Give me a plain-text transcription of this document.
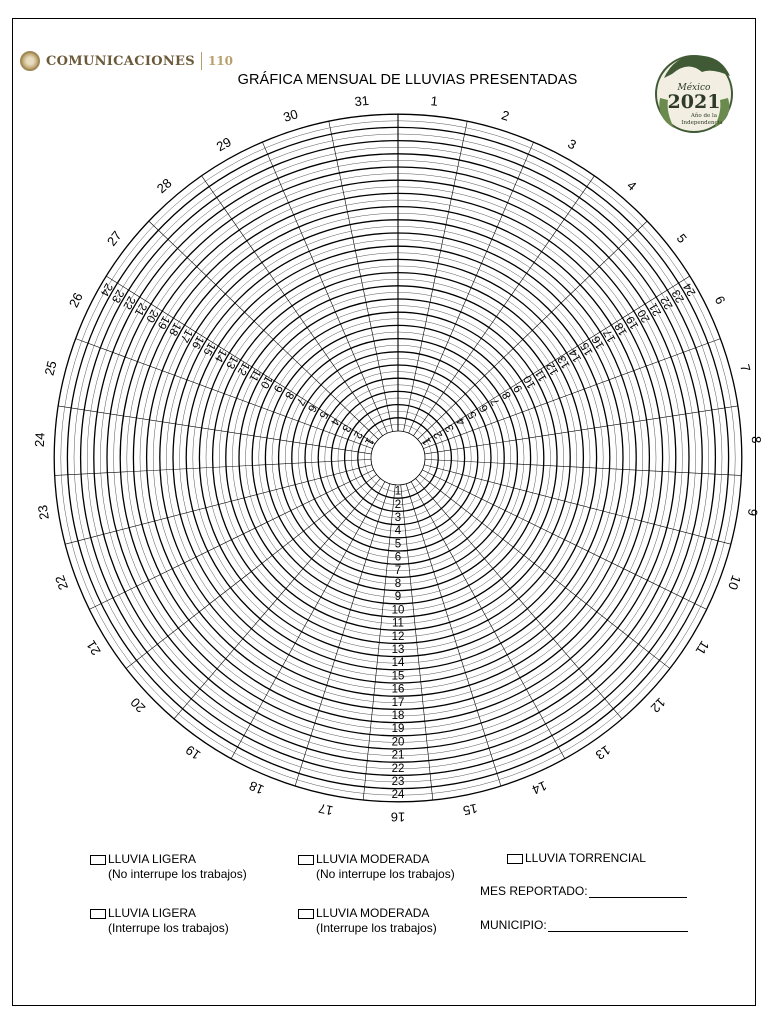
COMUNICACIONES 110
México
2021
Año de la
Independencia
GRÁFICA MENSUAL DE LLUVIAS PRESENTADAS
1
2
3
4
5
6
7
8
9
10
11
12
13
14
15
16
17
18
19
20
21
22
23
24
25
26
27
28
29
30
31
1
2
3
4
5
6
7
8
9
10
11
12
13
14
15
16
17
18
19
20
21
22
23
24
1
2
3
4
5
6
7
8
9
10
11
12
13
14
15
16
17
18
19
20
21
22
23
24
1
2
3
4
5
6
7
8
9
10
11
12
13
14
15
16
17
18
19
20
21
22
23
24
LLUVIA LIGERA
(No interrupe los trabajos)
LLUVIA MODERADA
(No interrupe los trabajos)
LLUVIA TORRENCIAL
LLUVIA LIGERA
(Interrupe los trabajos)
LLUVIA MODERADA
(Interrupe los trabajos)
MES REPORTADO:
MUNICIPIO:
